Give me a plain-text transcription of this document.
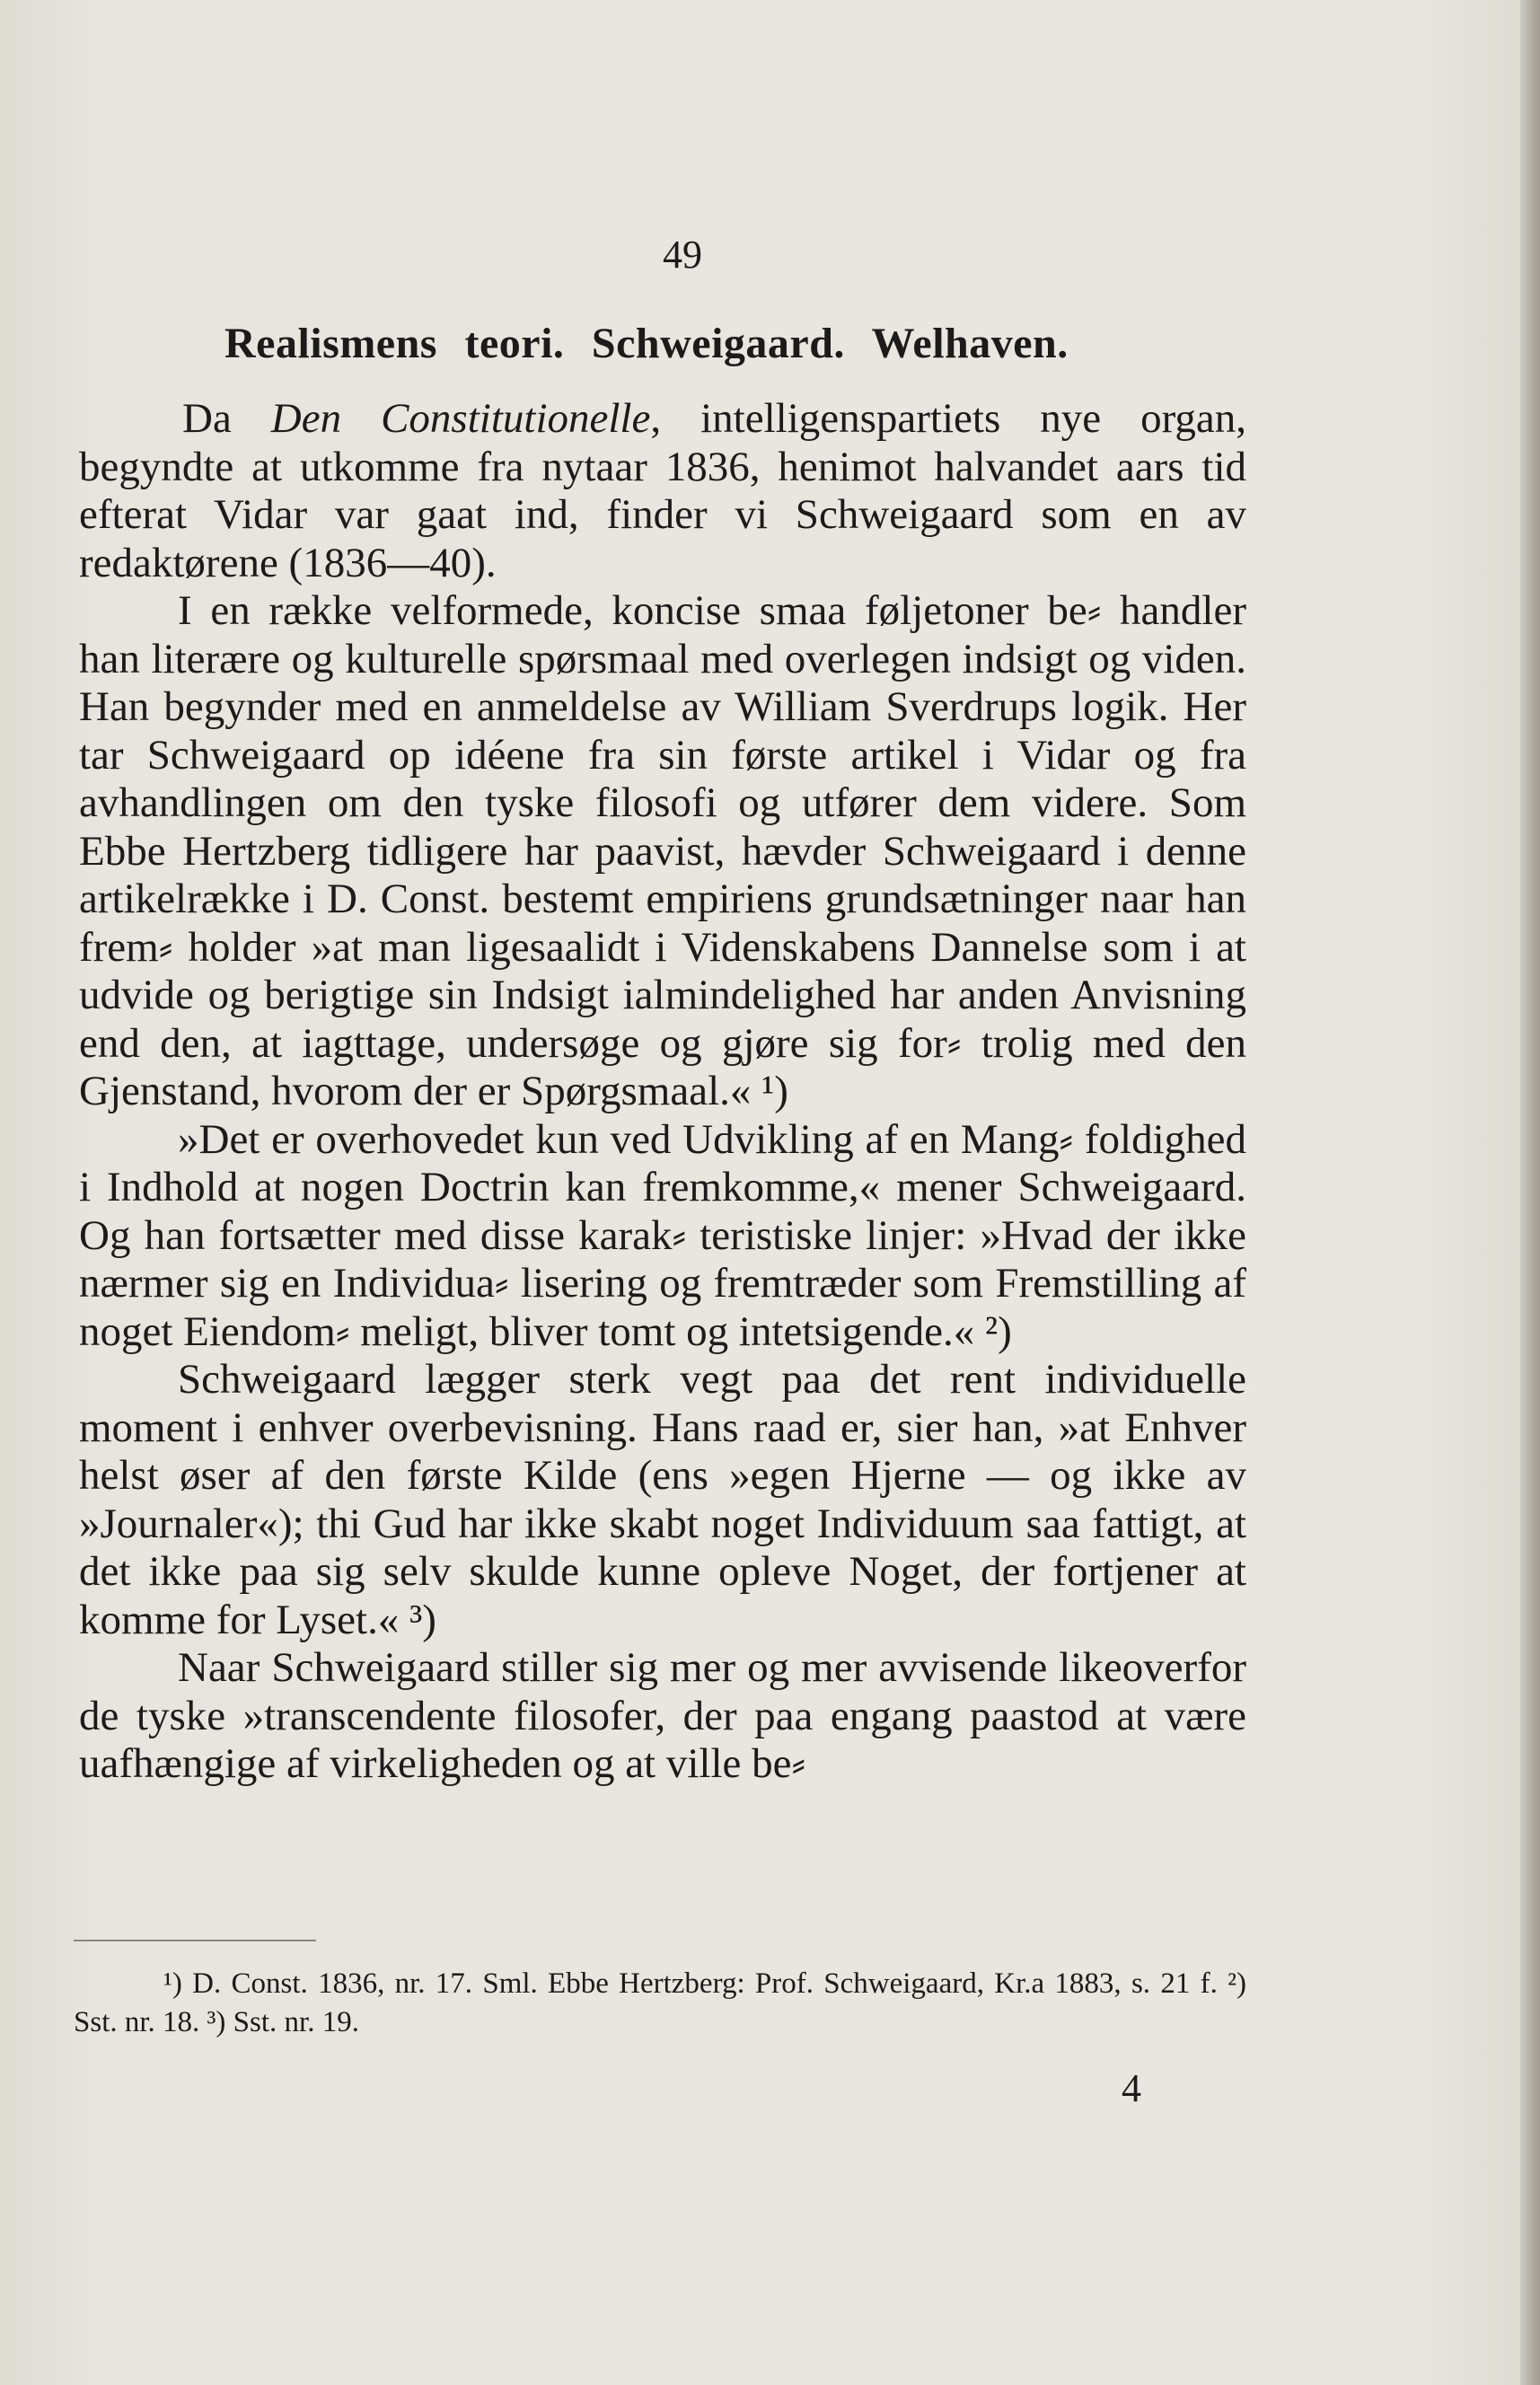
49
Realismens teori. Schweigaard. Welhaven.

Da Den Constitutionelle, intelligenspartiets nye organ, begyndte at utkomme fra nytaar 1836, henimot halvandet aars tid efterat Vidar var gaat ind, finder vi Schweigaard som en av redaktørene (1836—40).

I en række velformede, koncise smaa føljetoner be⸗ handler han literære og kulturelle spørsmaal med overlegen indsigt og viden. Han begynder med en anmeldelse av William Sverdrups logik. Her tar Schweigaard op idéene fra sin første artikel i Vidar og fra avhandlingen om den tyske filosofi og utfører dem videre. Som Ebbe Hertzberg tidligere har paavist, hævder Schweigaard i denne artikelrække i D. Const. bestemt empiriens grundsætninger naar han frem⸗ holder »at man ligesaalidt i Videnskabens Dannelse som i at udvide og berigtige sin Indsigt ialmindelighed har anden Anvisning end den, at iagttage, undersøge og gjøre sig for⸗ trolig med den Gjenstand, hvorom der er Spørgsmaal.« ¹)

»Det er overhovedet kun ved Udvikling af en Mang⸗ foldighed i Indhold at nogen Doctrin kan fremkomme,« mener Schweigaard. Og han fortsætter med disse karak⸗ teristiske linjer: »Hvad der ikke nærmer sig en Individua⸗ lisering og fremtræder som Fremstilling af noget Eiendom⸗ meligt, bliver tomt og intetsigende.« ²)

Schweigaard lægger sterk vegt paa det rent individuelle moment i enhver overbevisning. Hans raad er, sier han, »at Enhver helst øser af den første Kilde (ens »egen Hjerne — og ikke av »Journaler«); thi Gud har ikke skabt noget Individuum saa fattigt, at det ikke paa sig selv skulde kunne opleve Noget, der fortjener at komme for Lyset.« ³)

Naar Schweigaard stiller sig mer og mer avvisende likeoverfor de tyske »transcendente filosofer, der paa engang paastod at være uafhængige af virkeligheden og at ville be⸗

¹) D. Const. 1836, nr. 17. Sml. Ebbe Hertzberg: Prof. Schweigaard, Kr.a 1883, s. 21 f. ²) Sst. nr. 18. ³) Sst. nr. 19.

4
